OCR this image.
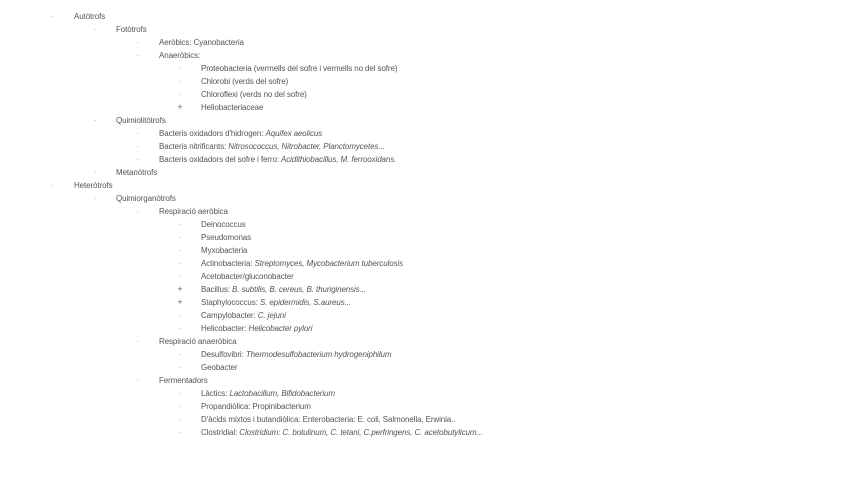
·	Autòtrofs
·	Fotòtrofs
·	Aeròbics: Cyanobacteria
·	Anaeròbics:
·	Proteobacteria (vermells del sofre i vermells no del sofre)
·	Chlorobi (verds del sofre)
·	Chloroflexi (verds no del sofre)
+	Heliobacteriaceae
·	Quimiolitòtrofs
·	Bacteris oxidadors d'hidrogen: Aquifex aeolicus
·	Bacteris nitrificants: Nitrosococcus, Nitrobacter, Planctomycetes...
·	Bacteris oxidadors del sofre i ferro: Acidithiobacillus, M. ferrooxidans.
·	Metanòtrofs
·	Heteròtrofs
·	Quimiorganòtrofs
·	Respiració aeròbica
·	Deinococcus
·	Pseudomonas
·	Myxobacteria
·	Actinobacteria: Streptomyces, Mycobacterium tuberculosis
·	Acetobacter/gluconobacter
+	Bacillus: B. subtilis, B. cereus, B. thuriginensis...
+	Staphylococcus: S. epidermidis, S.aureus...
·	Campylobacter: C. jejuni
·	Helicobacter: Helicobacter pylori
·	Respiració anaeròbica
·	Desulfovibri: Thermodesulfobacterium hydrogeniphilum
·	Geobacter
·	Fermentadors
·	Làctics: Lactobacillum, Bifidobacterium
·	Propandiòlica: Propinibacterium
·	D'àcids mixtos i butandiòlica: Enterobacteria: E. coli, Salmonella, Erwinia..
·	Clostridial: Clostridium: C. botulinum, C. tetani, C.perfringens, C. acetobutylicum...
